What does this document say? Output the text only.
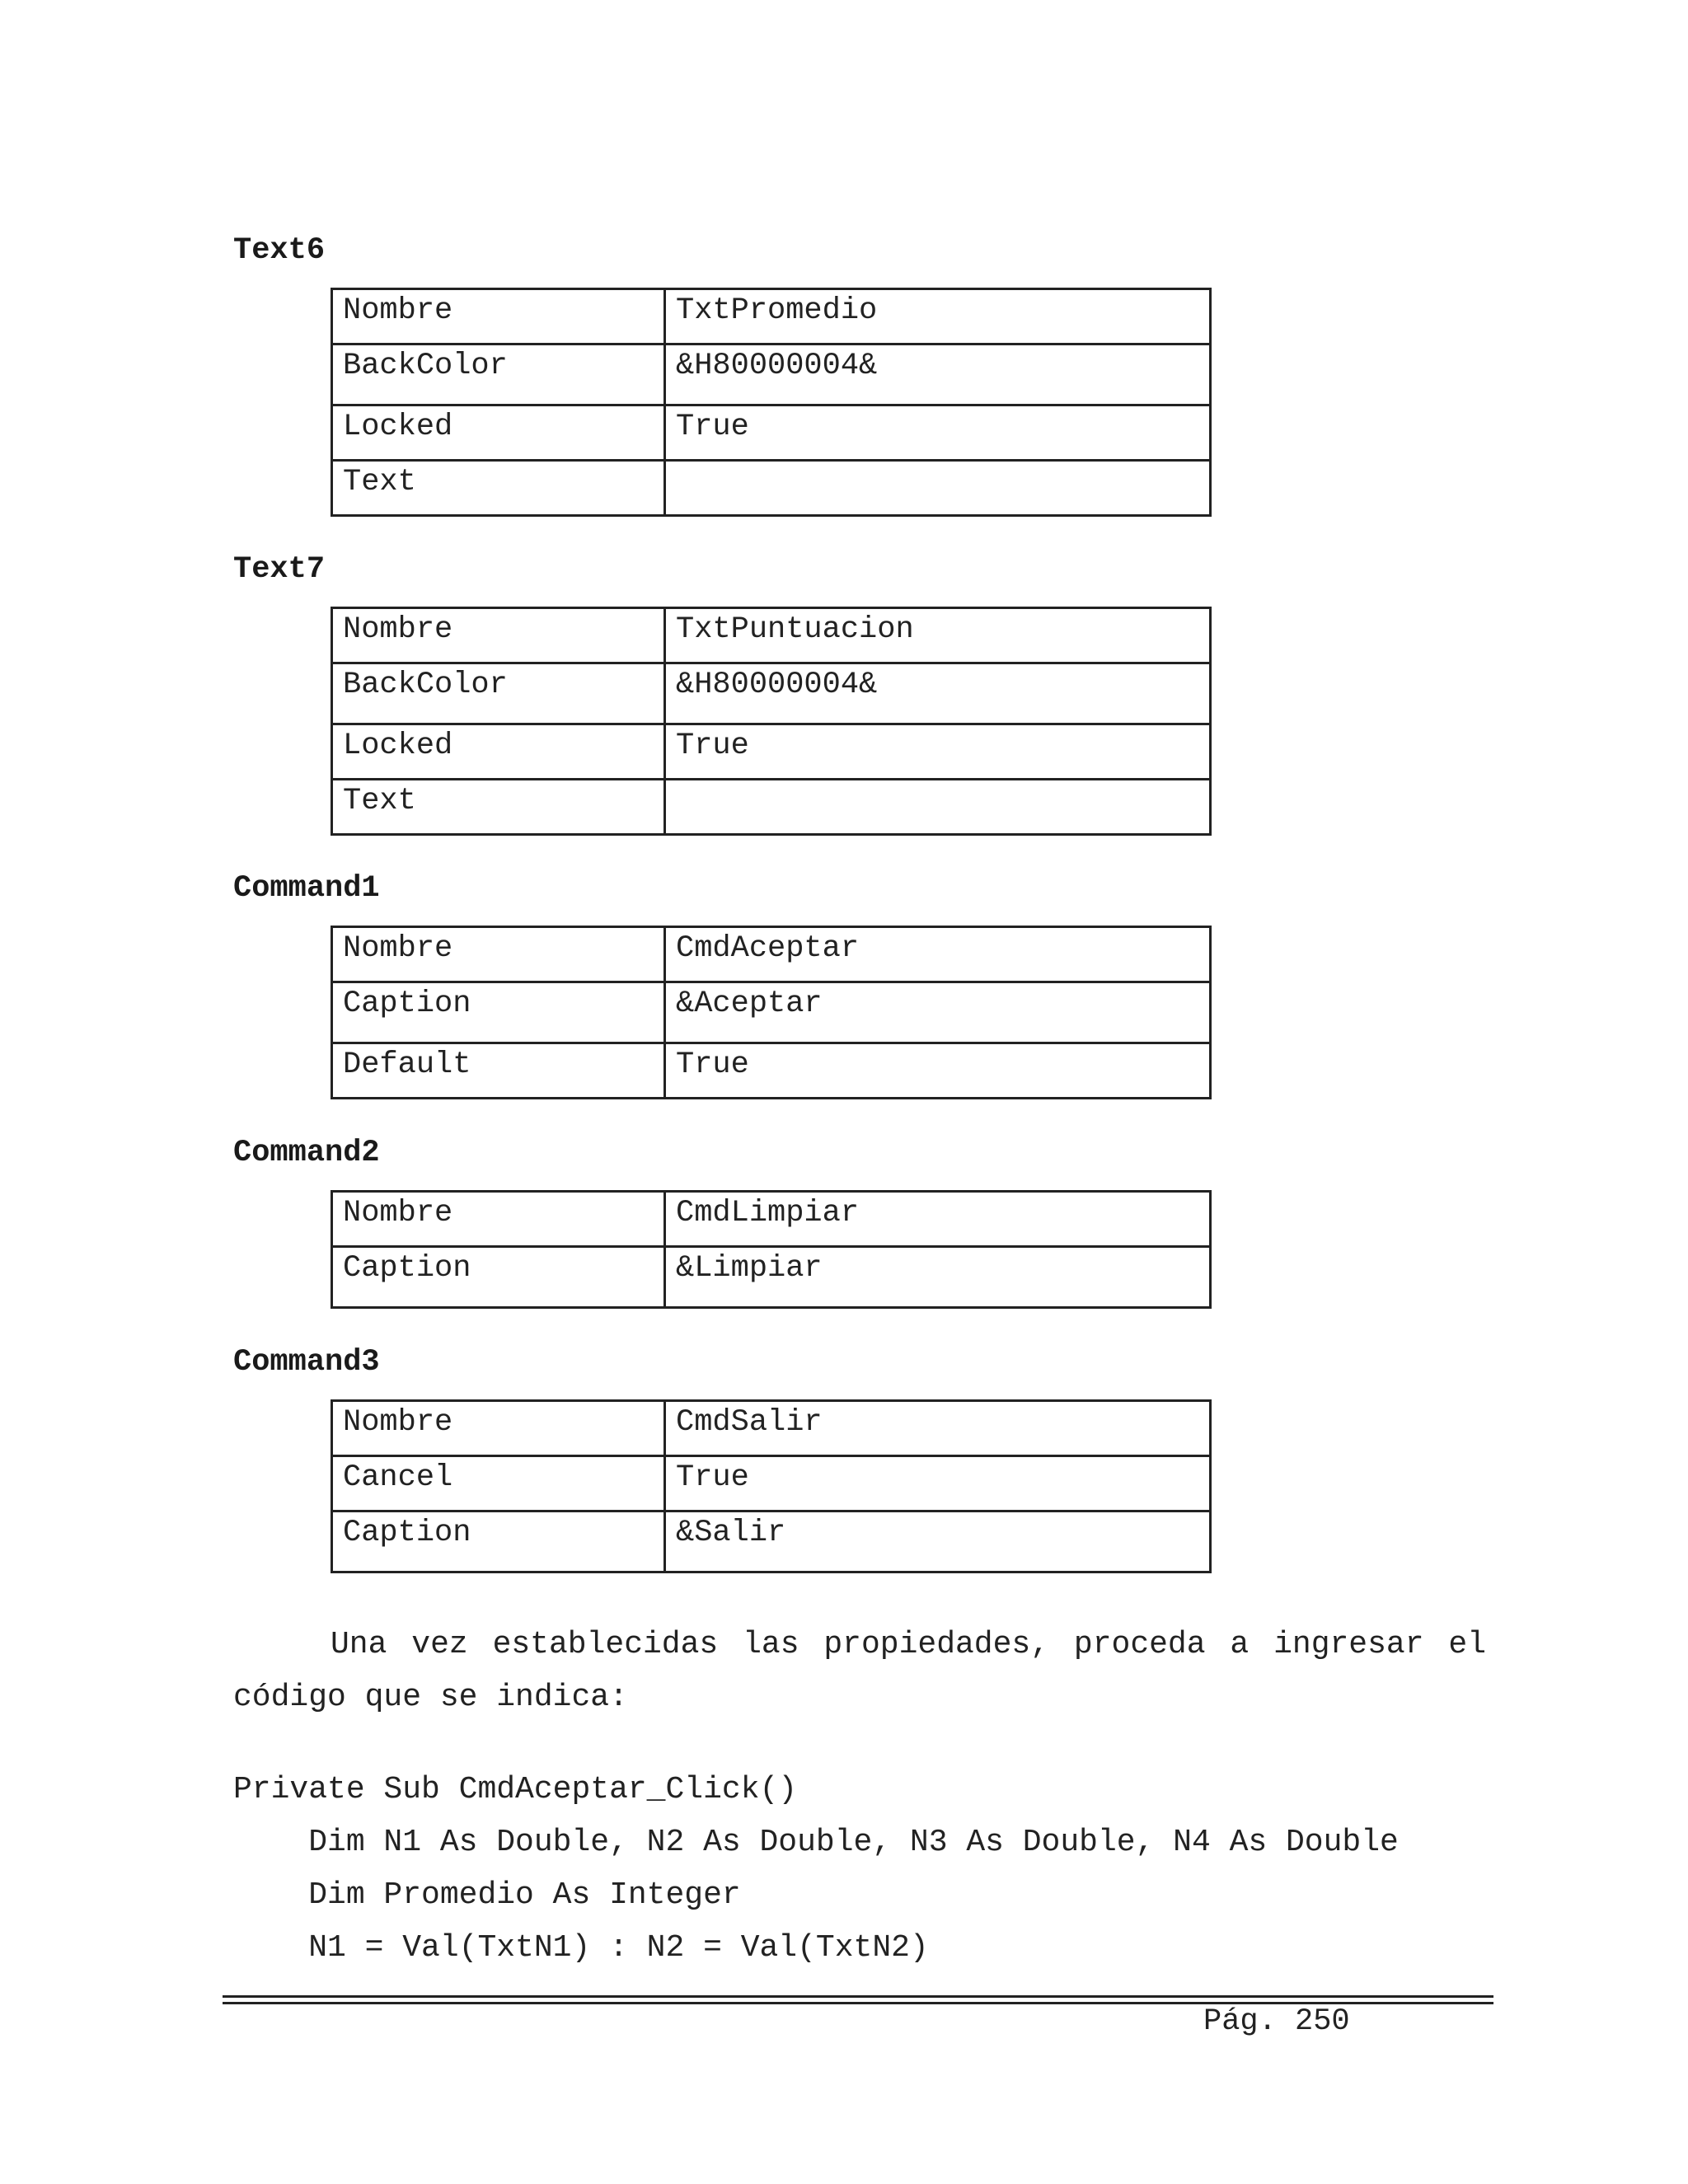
Text6
Nombre	TxtPromedio
BackColor	&H80000004&
Locked	True
Text	
Text7
Nombre	TxtPuntuacion
BackColor	&H80000004&
Locked	True
Text	
Command1
Nombre	CmdAceptar
Caption	&Aceptar
Default	True
Command2
Nombre	CmdLimpiar
Caption	&Limpiar
Command3
Nombre	CmdSalir
Cancel	True
Caption	&Salir

Una vez establecidas las propiedades, proceda a ingresar el código que se indica:

Private Sub CmdAceptar_Click()
Dim N1 As Double, N2 As Double, N3 As Double, N4 As Double
Dim Promedio As Integer
N1 = Val(TxtN1) : N2 = Val(TxtN2)
Pág. 250
